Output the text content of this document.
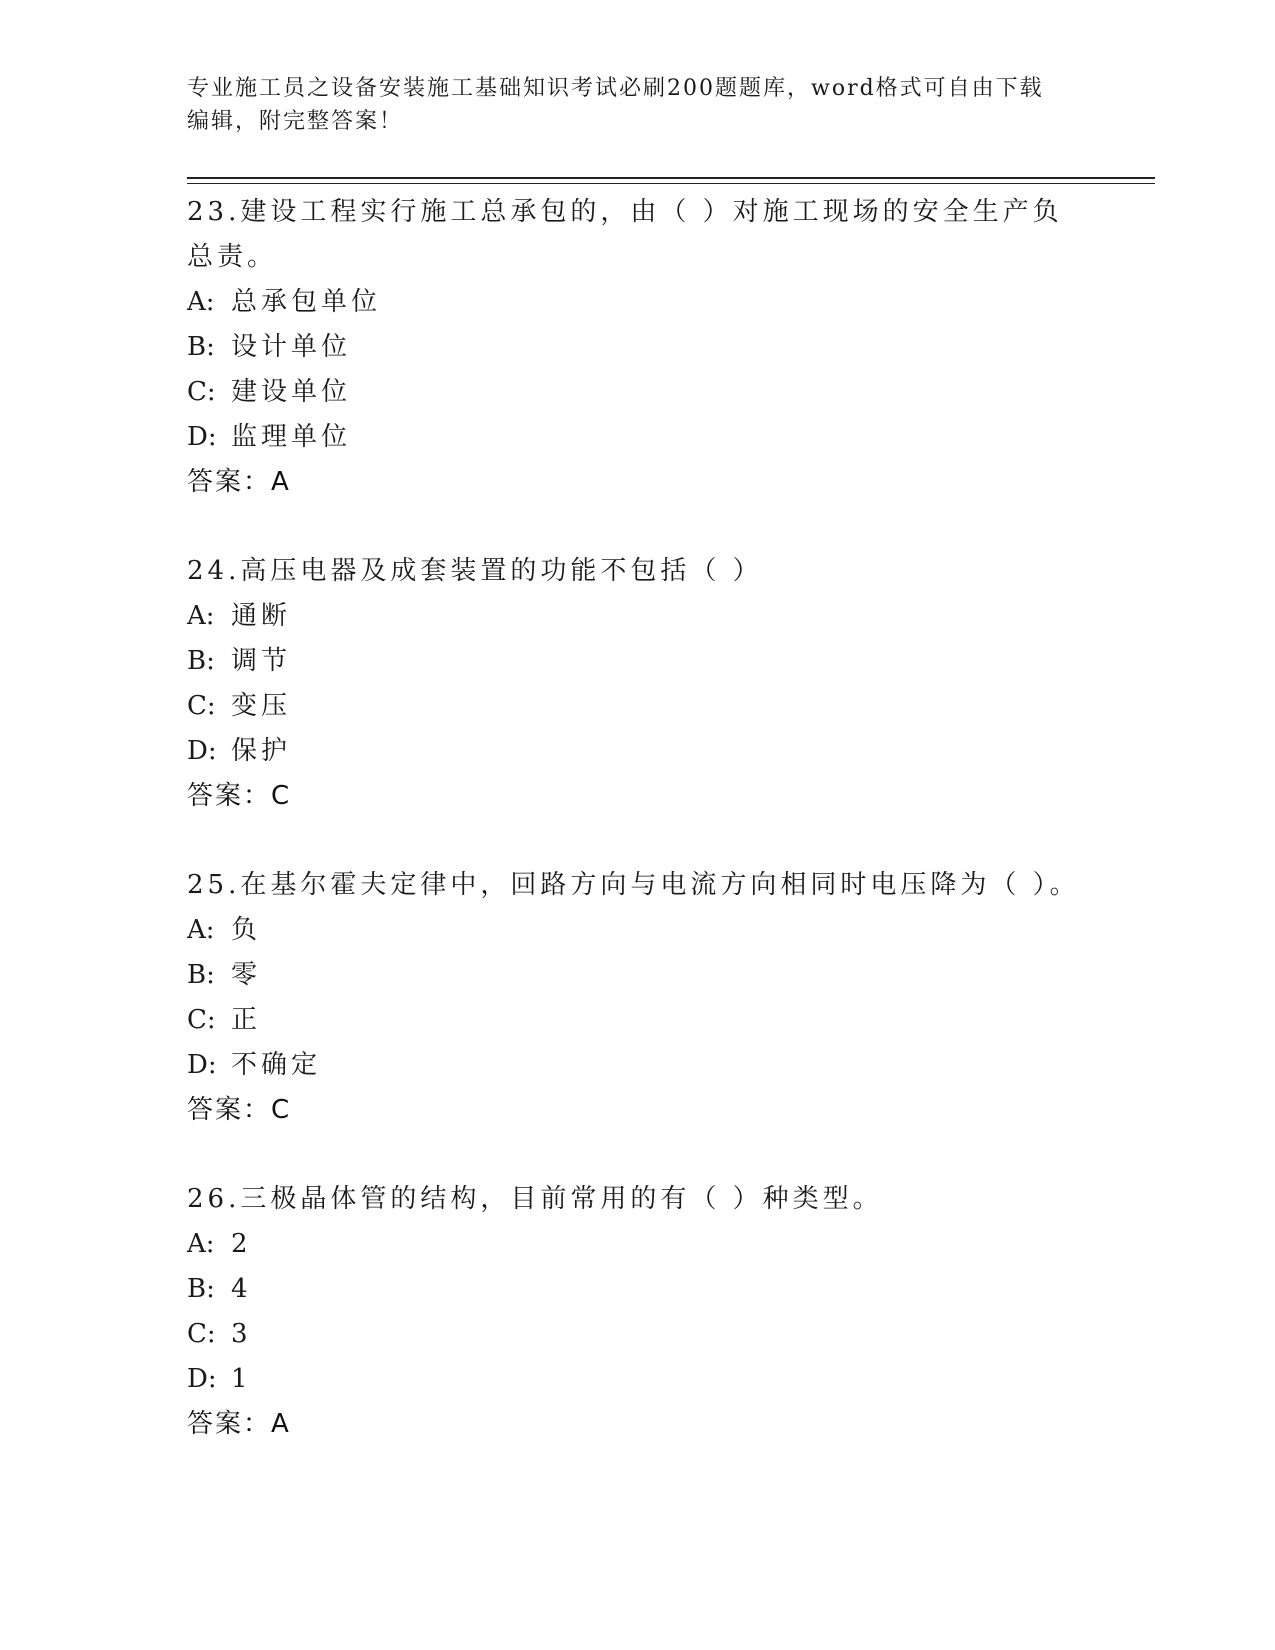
专业施工员之设备安装施工基础知识考试必刷200题题库，word格式可自由下载编辑，附完整答案！

23.建设工程实行施工总承包的，由（ ）对施工现场的安全生产负总责。

A: 总承包单位
B: 设计单位
C: 建设单位
D: 监理单位
答案：A

24.高压电器及成套装置的功能不包括（ ）

A: 通断
B: 调节
C: 变压
D: 保护
答案：C

25.在基尔霍夫定律中，回路方向与电流方向相同时电压降为（ ）。

A: 负
B: 零
C: 正
D: 不确定
答案：C

26.三极晶体管的结构，目前常用的有（ ）种类型。

A: 2
B: 4
C: 3
D: 1
答案：A
